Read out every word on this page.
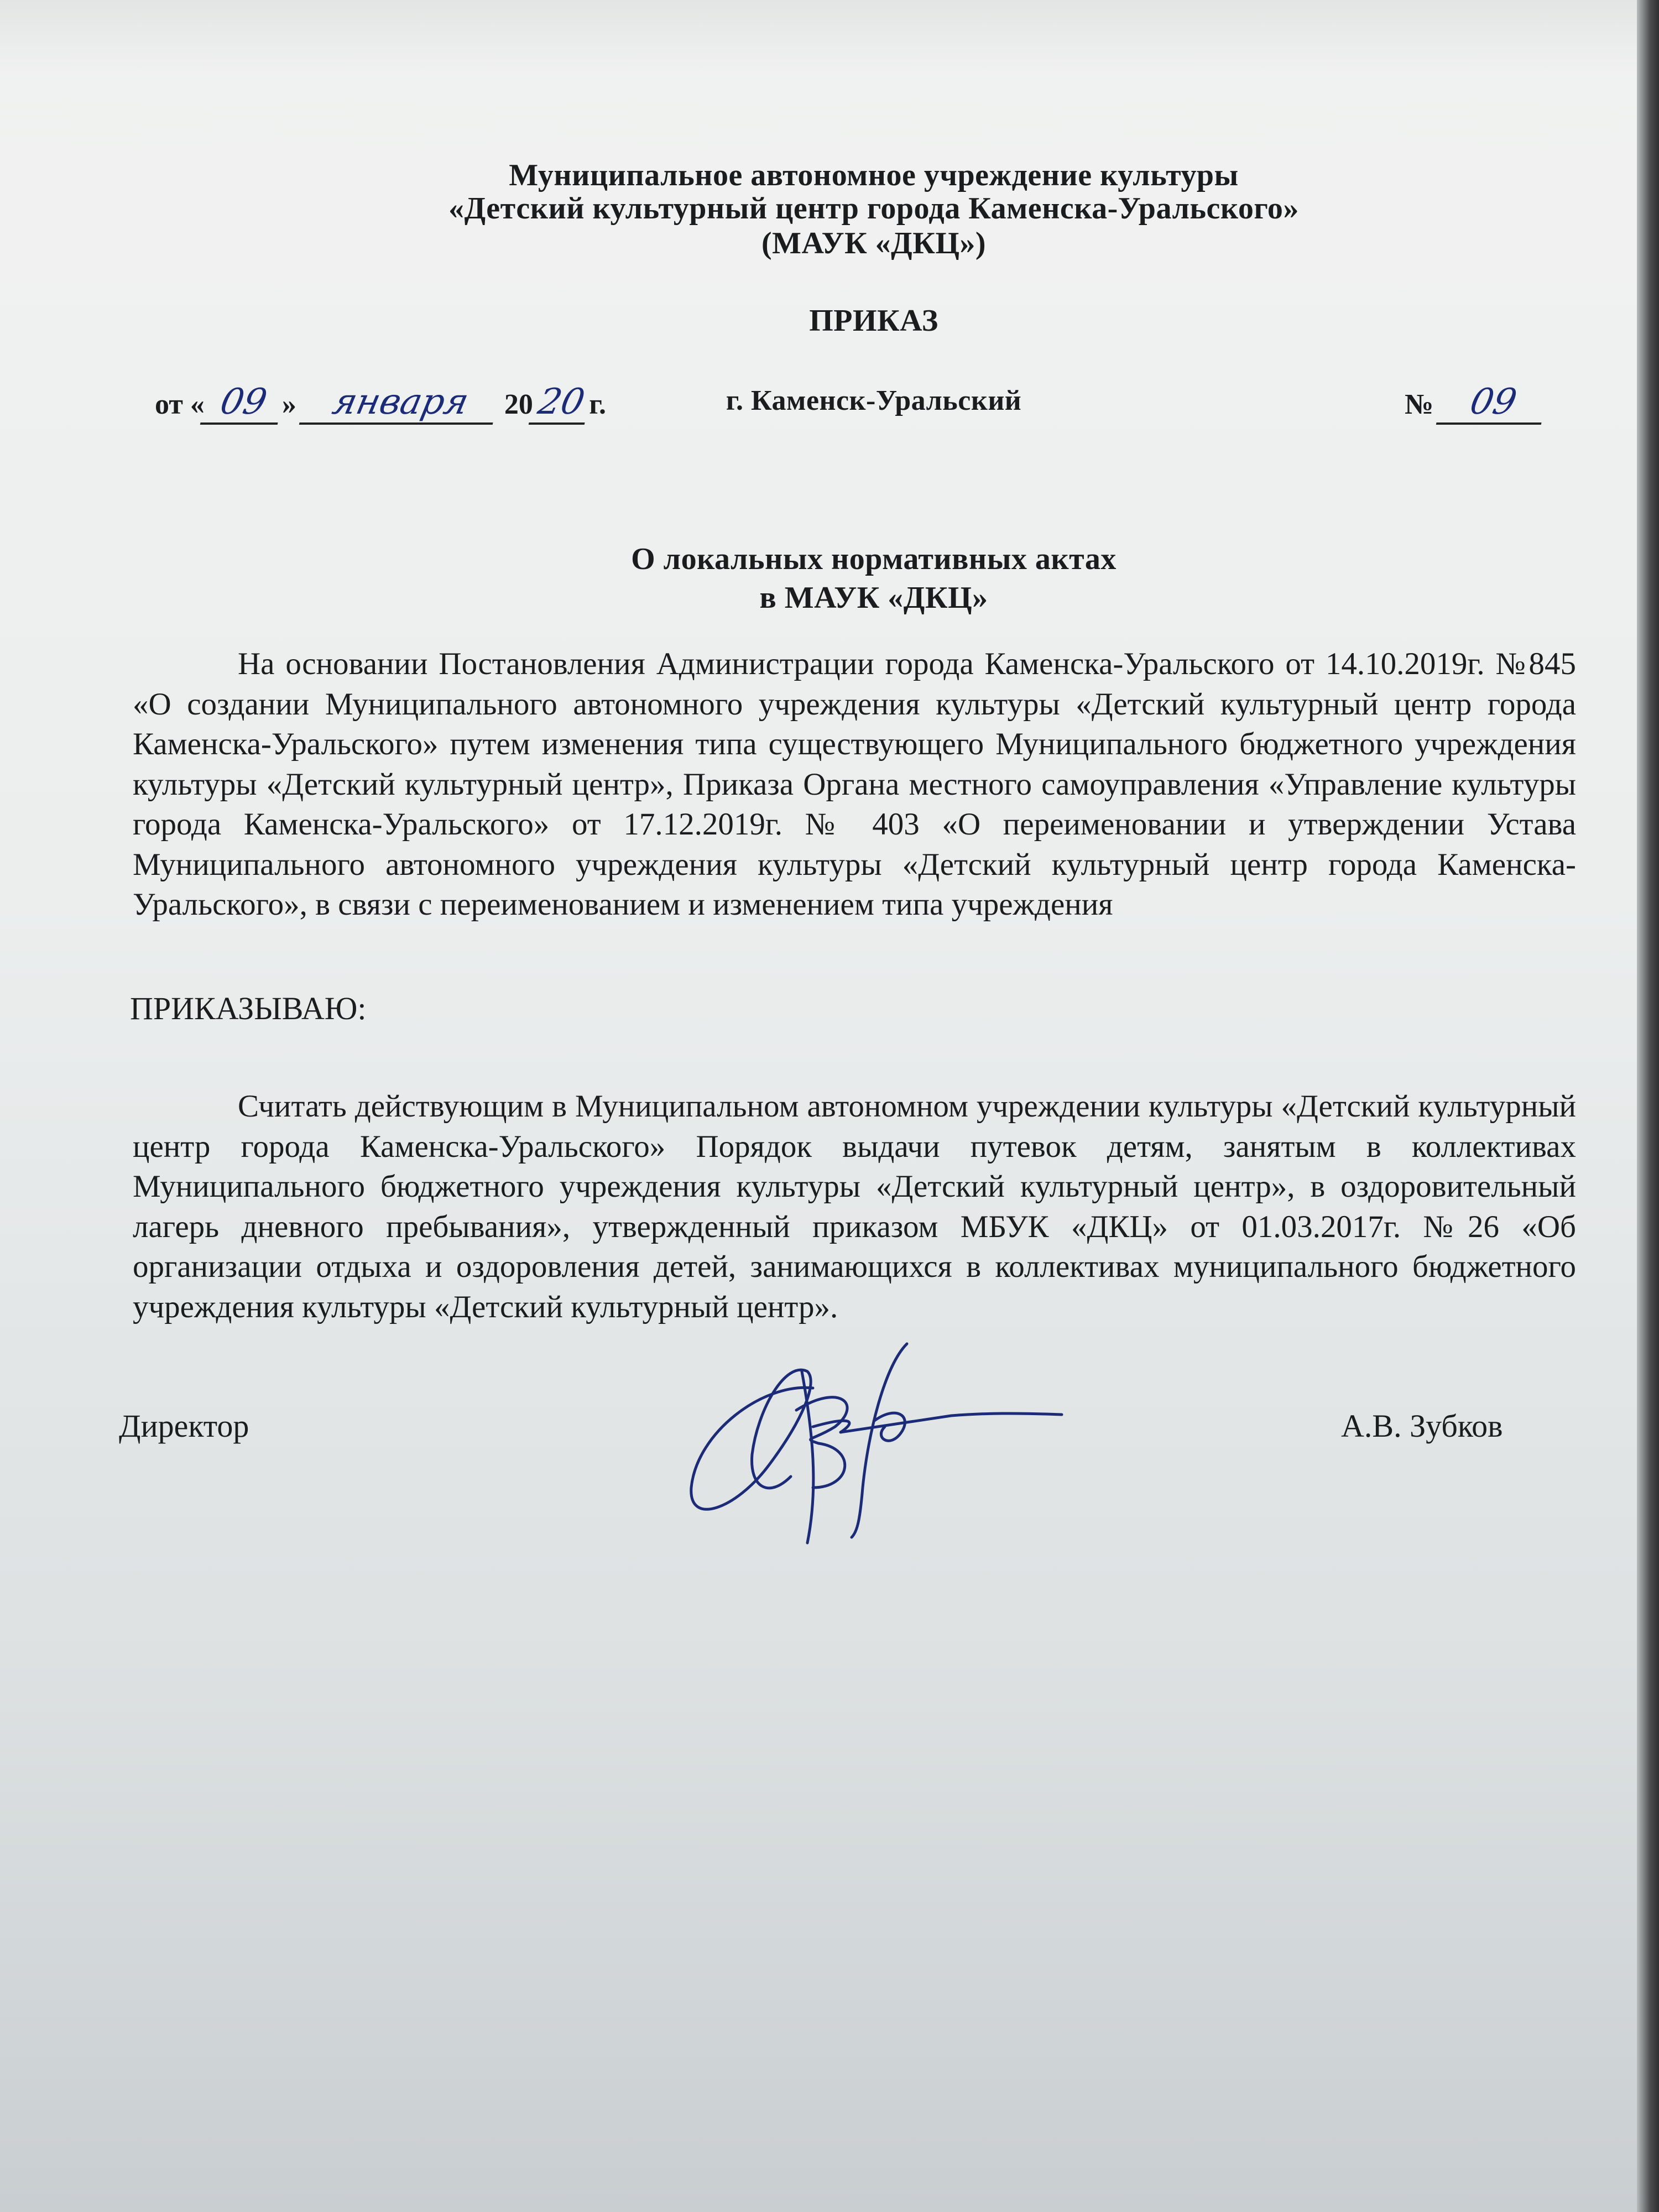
Муниципальное автономное учреждение культуры
«Детский культурный центр города Каменска-Уральского»
(МАУК «ДКЦ»)
ПРИКАЗ
г. Каменск-Уральский
от « 09 » января 2020г.	№ 09
О локальных нормативных актах
в МАУК «ДКЦ»
На основании Постановления Администрации города Каменска-Уральского от 14.10.2019г. №845 «О создании Муниципального автономного учреждения культуры «Детский культурный центр города Каменска-Уральского» путем изменения типа существующего Муниципального бюджетного учреждения культуры «Детский культурный центр», Приказа Органа местного самоуправления «Управление культуры города Каменска-Уральского» от 17.12.2019г. № 403 «О переименовании и утверждении Устава Муниципального автономного учреждения культуры «Детский культурный центр города Каменска-Уральского», в связи с переименованием и изменением типа учреждения
ПРИКАЗЫВАЮ:
Считать действующим в Муниципальном автономном учреждении культуры «Детский культурный центр города Каменска-Уральского» Порядок выдачи путевок детям, занятым в коллективах Муниципального бюджетного учреждения культуры «Детский культурный центр», в оздоровительный лагерь дневного пребывания», утвержденный приказом МБУК «ДКЦ» от 01.03.2017г. №26 «Об организации отдыха и оздоровления детей, занимающихся в коллективах муниципального бюджетного учреждения культуры «Детский культурный центр».
Директор	А.В. Зубков
